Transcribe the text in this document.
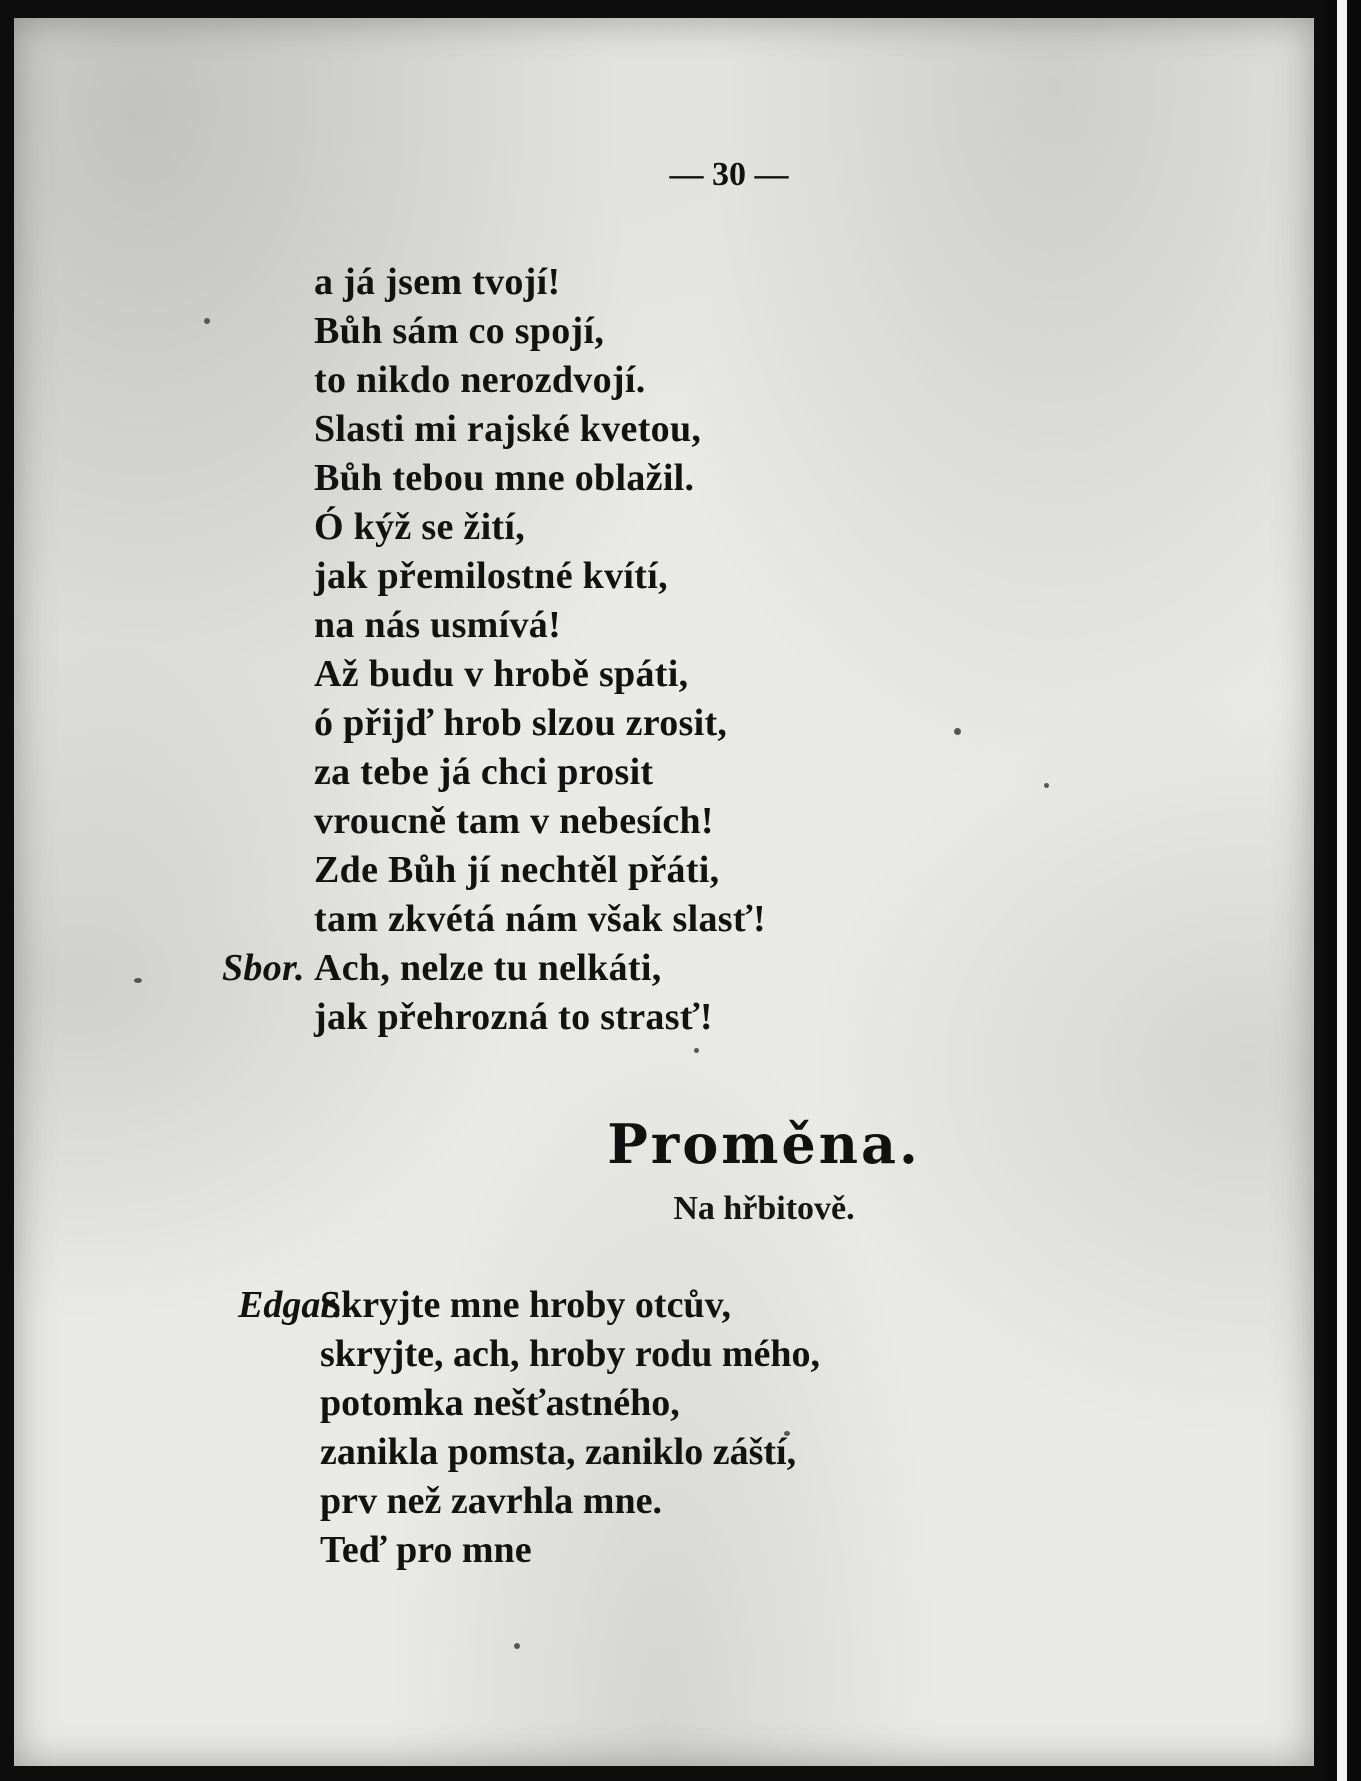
— 30 —
a já jsem tvojí!
Bůh sám co spojí,
to nikdo nerozdvojí.
Slasti mi rajské kvetou,
Bůh tebou mne oblažil.
Ó kýž se žití,
jak přemilostné kvítí,
na nás usmívá!
Až budu v hrobě spáti,
ó přijď hrob slzou zrosit,
za tebe já chci prosit
vroucně tam v nebesích!
Zde Bůh jí nechtěl přáti,
tam zkvétá nám však slasť!
Sbor. Ach, nelze tu nelkáti,
jak přehrozná to strasť!
Proměna.
Na hřbitově.
Edgar.
Skryjte mne hroby otcův,
skryjte, ach, hroby rodu mého,
potomka nešťastného,
zanikla pomsta, zaniklo záští,
prv než zavrhla mne.
Teď pro mne
